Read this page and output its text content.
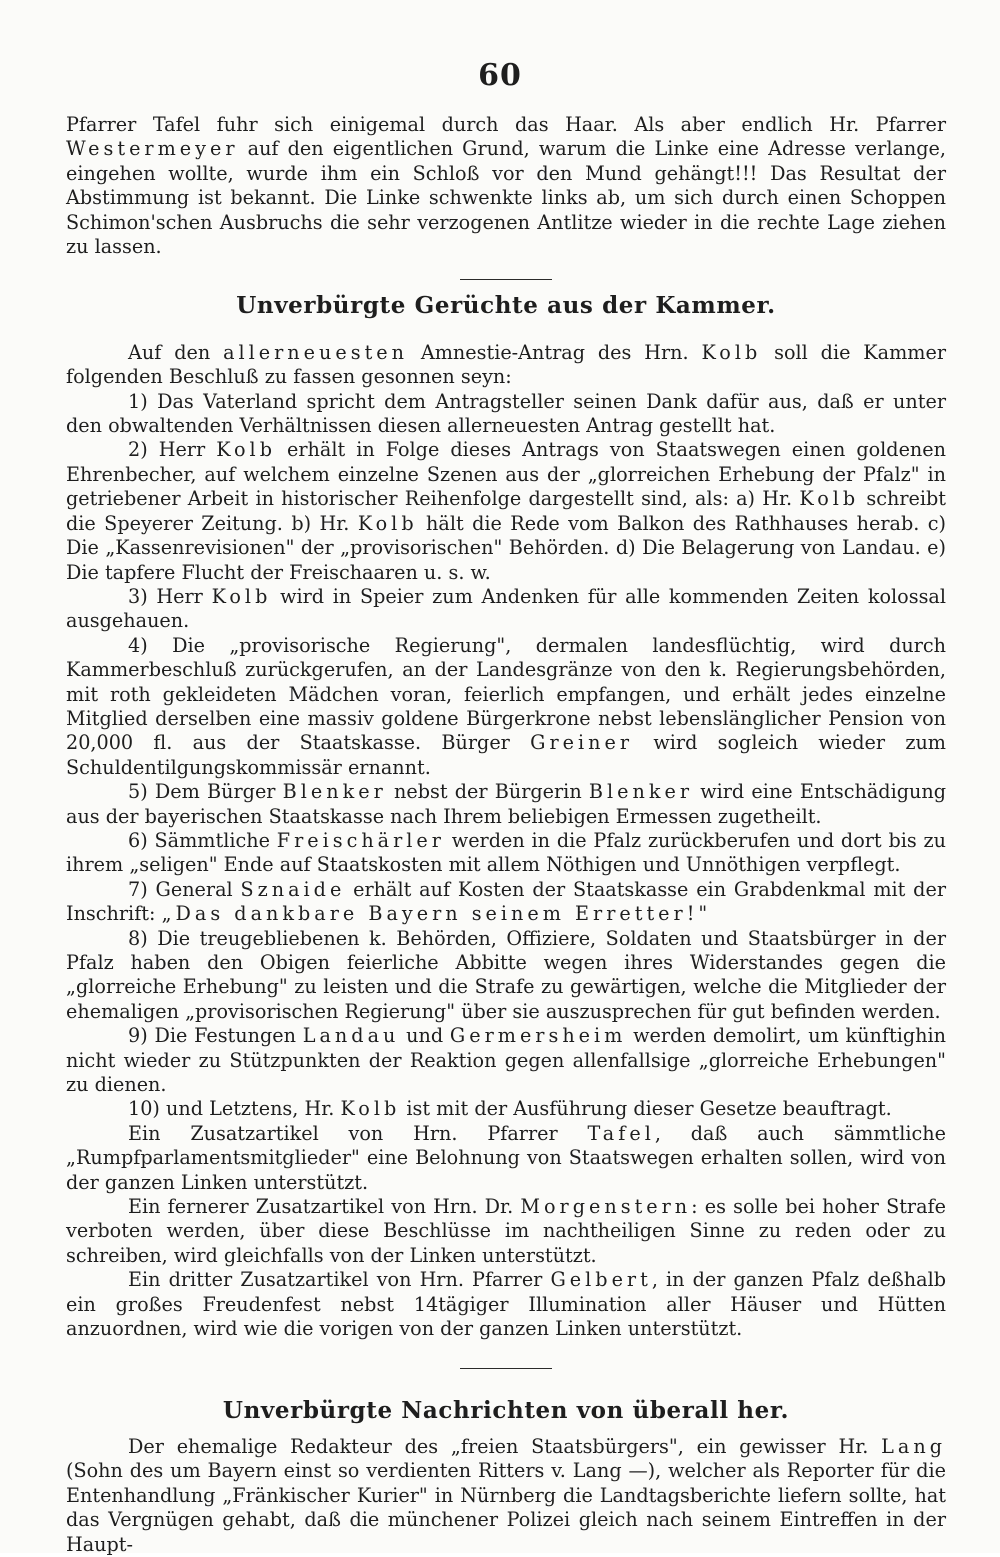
60

Pfarrer Tafel fuhr sich einigemal durch das Haar. Als aber endlich Hr. Pfarrer Westermeyer auf den eigentlichen Grund, warum die Linke eine Adresse verlange, eingehen wollte, wurde ihm ein Schloß vor den Mund gehängt!!! Das Resultat der Abstimmung ist bekannt. Die Linke schwenkte links ab, um sich durch einen Schoppen Schimon'schen Ausbruchs die sehr verzogenen Antlitze wieder in die rechte Lage ziehen zu lassen.

Unverbürgte Gerüchte aus der Kammer.

Auf den allerneuesten Amnestie-Antrag des Hrn. Kolb soll die Kammer folgenden Beschluß zu fassen gesonnen seyn:

1) Das Vaterland spricht dem Antragsteller seinen Dank dafür aus, daß er unter den obwaltenden Verhältnissen diesen allerneuesten Antrag gestellt hat.

2) Herr Kolb erhält in Folge dieses Antrags von Staatswegen einen goldenen Ehrenbecher, auf welchem einzelne Szenen aus der „glorreichen Erhebung der Pfalz" in getriebener Arbeit in historischer Reihenfolge dargestellt sind, als: a) Hr. Kolb schreibt die Speyerer Zeitung. b) Hr. Kolb hält die Rede vom Balkon des Rathhauses herab. c) Die „Kassenrevisionen" der „provisorischen" Behörden. d) Die Belagerung von Landau. e) Die tapfere Flucht der Freischaaren u. s. w.

3) Herr Kolb wird in Speier zum Andenken für alle kommenden Zeiten kolossal ausgehauen.

4) Die „provisorische Regierung", dermalen landesflüchtig, wird durch Kammerbeschluß zurückgerufen, an der Landesgränze von den k. Regierungsbehörden, mit roth gekleideten Mädchen voran, feierlich empfangen, und erhält jedes einzelne Mitglied derselben eine massiv goldene Bürgerkrone nebst lebenslänglicher Pension von 20,000 fl. aus der Staatskasse. Bürger Greiner wird sogleich wieder zum Schuldentilgungskommissär ernannt.

5) Dem Bürger Blenker nebst der Bürgerin Blenker wird eine Entschädigung aus der bayerischen Staatskasse nach Ihrem beliebigen Ermessen zugetheilt.

6) Sämmtliche Freischärler werden in die Pfalz zurückberufen und dort bis zu ihrem „seligen" Ende auf Staatskosten mit allem Nöthigen und Unnöthigen verpflegt.

7) General Sznaide erhält auf Kosten der Staatskasse ein Grabdenkmal mit der Inschrift: „Das dankbare Bayern seinem Erretter!"

8) Die treugebliebenen k. Behörden, Offiziere, Soldaten und Staatsbürger in der Pfalz haben den Obigen feierliche Abbitte wegen ihres Widerstandes gegen die „glorreiche Erhebung" zu leisten und die Strafe zu gewärtigen, welche die Mitglieder der ehemaligen „provisorischen Regierung" über sie auszusprechen für gut befinden werden.

9) Die Festungen Landau und Germersheim werden demolirt, um künftighin nicht wieder zu Stützpunkten der Reaktion gegen allenfallsige „glorreiche Erhebungen" zu dienen.

10) und Letztens, Hr. Kolb ist mit der Ausführung dieser Gesetze beauftragt.

Ein Zusatzartikel von Hrn. Pfarrer Tafel, daß auch sämmtliche „Rumpfparlamentsmitglieder" eine Belohnung von Staatswegen erhalten sollen, wird von der ganzen Linken unterstützt.

Ein fernerer Zusatzartikel von Hrn. Dr. Morgenstern: es solle bei hoher Strafe verboten werden, über diese Beschlüsse im nachtheiligen Sinne zu reden oder zu schreiben, wird gleichfalls von der Linken unterstützt.

Ein dritter Zusatzartikel von Hrn. Pfarrer Gelbert, in der ganzen Pfalz deßhalb ein großes Freudenfest nebst 14tägiger Illumination aller Häuser und Hütten anzuordnen, wird wie die vorigen von der ganzen Linken unterstützt.

Unverbürgte Nachrichten von überall her.

Der ehemalige Redakteur des „freien Staatsbürgers", ein gewisser Hr. Lang (Sohn des um Bayern einst so verdienten Ritters v. Lang —), welcher als Reporter für die Entenhandlung „Fränkischer Kurier" in Nürnberg die Landtagsberichte liefern sollte, hat das Vergnügen gehabt, daß die münchener Polizei gleich nach seinem Eintreffen in der Haupt-
